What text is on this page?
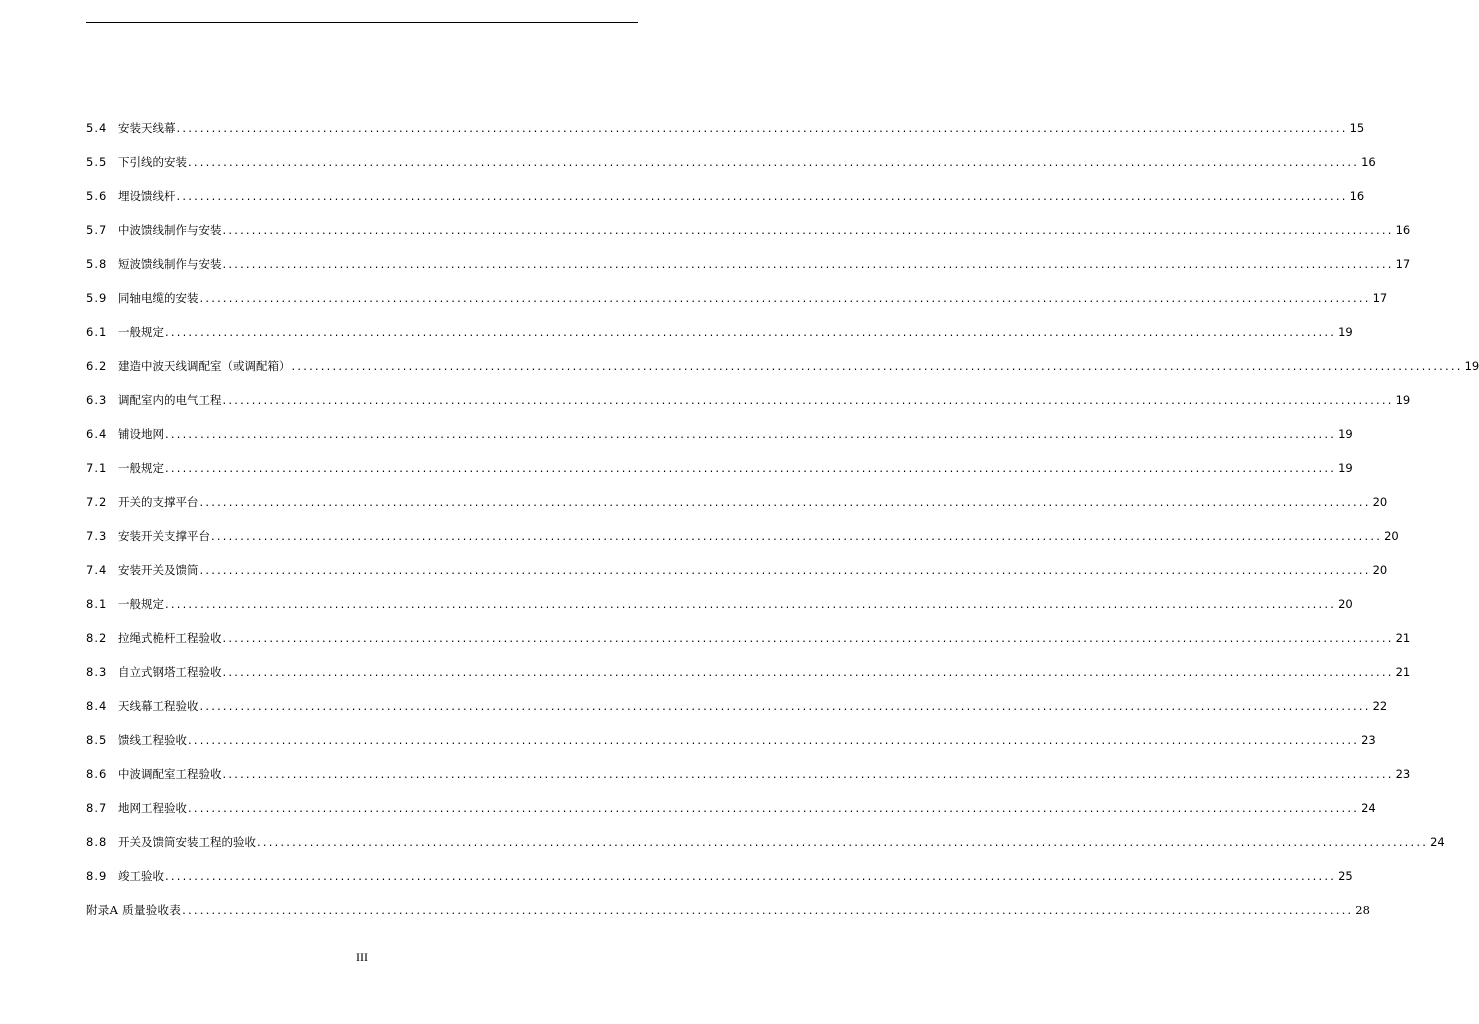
5.4 安装天线幕 ........................................................................................................................................................................................................ 15
5.5 下引线的安装 ........................................................................................................................................................................................................ 16
5.6 埋设馈线杆 ........................................................................................................................................................................................................ 16
5.7 中波馈线制作与安装 ........................................................................................................................................................................................................ 16
5.8 短波馈线制作与安装 ........................................................................................................................................................................................................ 17
5.9 同轴电缆的安装 ........................................................................................................................................................................................................ 17
6.1 一般规定 ........................................................................................................................................................................................................ 19
6.2 建造中波天线调配室（或调配箱） ........................................................................................................................................................................................................ 19
6.3 调配室内的电气工程 ........................................................................................................................................................................................................ 19
6.4 铺设地网 ........................................................................................................................................................................................................ 19
7.1 一般规定 ........................................................................................................................................................................................................ 19
7.2 开关的支撑平台 ........................................................................................................................................................................................................ 20
7.3 安装开关支撑平台 ........................................................................................................................................................................................................ 20
7.4 安装开关及馈筒 ........................................................................................................................................................................................................ 20
8.1 一般规定 ........................................................................................................................................................................................................ 20
8.2 拉绳式桅杆工程验收 ........................................................................................................................................................................................................ 21
8.3 自立式钢塔工程验收 ........................................................................................................................................................................................................ 21
8.4 天线幕工程验收 ........................................................................................................................................................................................................ 22
8.5 馈线工程验收 ........................................................................................................................................................................................................ 23
8.6 中波调配室工程验收 ........................................................................................................................................................................................................ 23
8.7 地网工程验收 ........................................................................................................................................................................................................ 24
8.8 开关及馈筒安装工程的验收 ........................................................................................................................................................................................................ 24
8.9 竣工验收 ........................................................................................................................................................................................................ 25
附录A 质量验收表 ........................................................................................................................................................................................................ 28
III
